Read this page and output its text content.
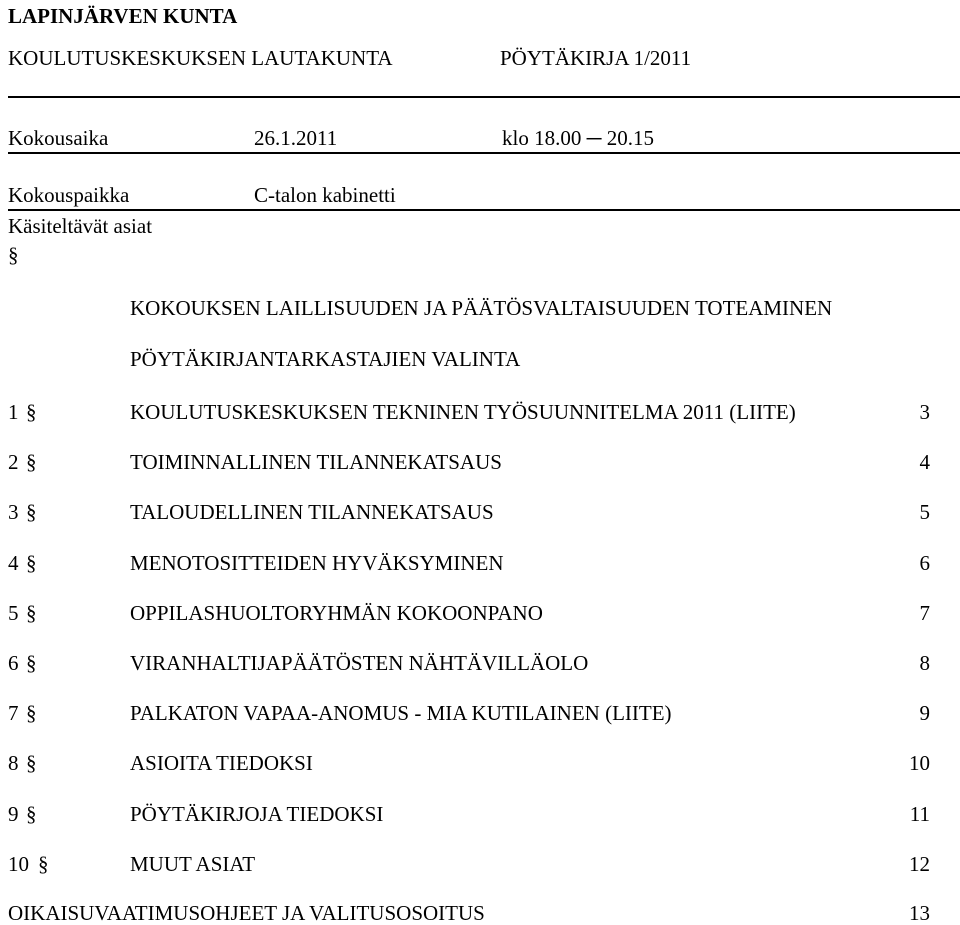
LAPINJÄRVEN KUNTA
KOULUTUSKESKUKSEN LAUTAKUNTA	PÖYTÄKIRJA 1/2011
Kokousaika	26.1.2011	klo 18.00 ─ 20.15
Kokouspaikka	C-talon kabinetti
Käsiteltävät asiat
§
KOKOUKSEN LAILLISUUDEN JA PÄÄTÖSVALTAISUUDEN TOTEAMINEN
PÖYTÄKIRJANTARKASTAJIEN VALINTA
1 §	KOULUTUSKESKUKSEN TEKNINEN TYÖSUUNNITELMA 2011 (LIITE)	3
2 §	TOIMINNALLINEN TILANNEKATSAUS	4
3 §	TALOUDELLINEN TILANNEKATSAUS	5
4 §	MENOTOSITTEIDEN HYVÄKSYMINEN	6
5 §	OPPILASHUOLTORYHMÄN KOKOONPANO	7
6 §	VIRANHALTIJAPÄÄTÖSTEN NÄHTÄVILLÄOLO	8
7 §	PALKATON VAPAA-ANOMUS - MIA KUTILAINEN (LIITE)	9
8 §	ASIOITA TIEDOKSI	10
9 §	PÖYTÄKIRJOJA TIEDOKSI	11
10 §	MUUT ASIAT	12
OIKAISUVAATIMUSOHJEET JA VALITUSOSOITUS	13
